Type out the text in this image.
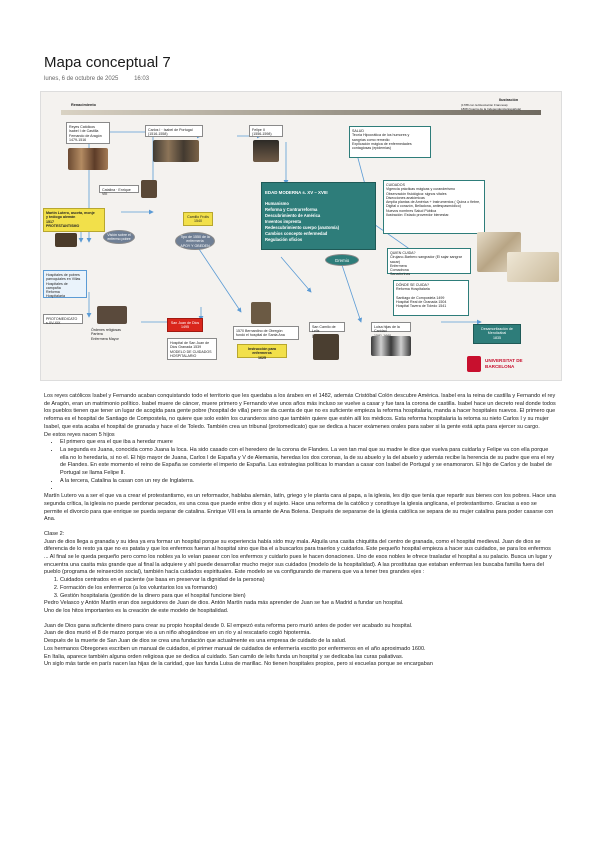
Mapa conceptual 7
lunes, 6 de octubre de 2025	16:03
Renacimiento
Ilustración
(1788 con la Revolución Francesa)
1808 (Guerra de la Independencia Española)
Reyes Católicos
Isabel I de Castilla
Fernando de Aragón
1479-1516
Carlos I · Isabel de Portugal
(1516-1558)
Felipe II
(1556-1598)
SALUD
Teoría Hipocrática de los humores y
sangrías como remedio
Explicación mágica de enfermedades
contagiosas (epidemias)
Catalina · Enrique VIII
Martín Lutero, asceta, monje
y teólogo alemán
1517
PROTESTANTISMO
Visión sobre el
enfermo pobre
Camillo Frolis
1540
Tipo de 1550 de la
enfermería
APOY Y OBEDEN

EDAD MODERNA s. XV – XVIII

Humanismo
Reforma y Contrarreforma
Descubrimiento de América
Inventos imprenta
Redescubrimiento cuerpo (anatomía)
Cambios concepto enfermedad
Regulación oficios

Gremio
CUIDADOS
Vigencia prácticas mágicas y curanderismo
Observación fisiológica: signos vitales
Disecciones anatómicas
Amplia plantas de América + Instrumentos ( Quina o fiebre,
Digital o corazón, Belladona, antiespasmódico)
Nuevos nombres Salud Pública
Ilustración: Estado proveedor bienestar.
QUIEN CUIDA?
Cirujano-Barbero sangrador (El sajar sangrar sacar)
Enfermera
Comadrona
Sanadorinas
DÓNDE SE CUIDA?
Reforma Hospitalaria

Santiago de Compostela 1499
Hospital Real de Granada 1504
Hospital Tavera de Toledo 1541
Hospitales de pobres
parroquiales en Villas
Hospitales de
campaña
Reforma
Hospitalaria
PROTOMEDICATO
s.XV-XIX
Órdenes religiosas
Partera
Enfermera Mayor
San Juan de Dios
1495
Hospital de San Juan de
Dios Granada 1539
MODELO DE CUIDADOS
HOSPITALARIO
1570 Bernardino de Obregón
fundó el hospital de Santa Ana
Instrucción para enfermeros
1625
San Camilo de Lelis

Luisa hijas de la Caridad

Desamortización de
Mendizábal
1835
UNIVERSITAT DE
BARCELONA

Los reyes católicos Isabel y Fernando acaban conquistando todo el territorio que les quedaba a los árabes en el 1482, además Cristóbal Colón descubre América. Isabel era la reina de castilla y Fernando el rey de Aragón, eran un matrimonio político. Isabel muere de cáncer, muere primero y Fernando vive unos años más incluso se vuelve a casar y fue tara la corona de castilla. Isabel hace un decreto real donde todos los pueblos tienen que tener un lugar de acogida para gente pobre (hospital de villa) pero se da cuenta de que no es suficiente empieza la reforma hospitalaria, manda a hacer hospitales nuevos. El primero que reforma es el hospital de Santiago de Compostela, no quiere que solo estén los curanderos sino que también quiere que estén allí los médicos. Esta reforma hospitalaria la retoma su nieto Carlos I y su mujer Isabel, que esta acaba el hospital de granada y hace el de Toledo. También crea un tribunal (protomedicato) que se dedica a hacer exámenes orales para saber si la gente está apta para ejercer su cargo.

De estos reyes nacen 5 hijos

• El primero que era el que iba a heredar muere
• La segunda es Juana, conocida como Juana la loca. Ha sido casado con el heredero de la corona de Flandes. La ven tan mal que su madre le dice que vuelva para cuidarla y Felipe va con ella porque ella no lo heredaría, si no el. El hijo mayor de Juana, Carlos I de España y V de Alemania, heredas los dos coronas, la de su abuelo y la del abuelo y además recibe la herencia de su padre que era el rey de Flandes. En este momento el reino de España se convierte el imperio de España. Las estrategias políticas lo mandan a casar con Isabel de Portugal y se enamoraron. El hijo de Carlos y de Isabel de Portugal se llama Felipe II.
• A la tercera, Catalina la casan con un rey de Inglaterra.
•

Martín Lutero va a ser el que va a crear el protestantismo, es un reformador, hablaba alemán, latín, griego y le planta cara al papa, a la iglesia, les dijo que tenía que repartir sus bienes con los pobres. Hace una segunda crítica, la iglesia no puede perdonar pecados, es una cosa que puede entre dios y el sujeto. Hace una reforma de la católico y constituye la iglesia anglicana, el protestantismo. Gracias a eso se permite el divorcio para que enrique se pueda separar de catalina. Enrique VIII era la amante de Ana Bolena. Después de separarse de la iglesia católica se separa de su mujer catalina para poder casarse con Ana.

Clase 2:

Juan de dios llega a granada y su idea ya era formar un hospital porque su experiencia había sido muy mala. Alquila una casita chiquitita del centro de granada, como el hospital medieval. Juan de dios se diferencia de lo resto ya que no es patata y que los enfermos fueran al hospital sino que iba el a buscarlos para traerlos y cuidarlos. Este pequeño hospital empieza a hacer sus cuidados, se para los enfermos ... Al final se le queda pequeño pero como los nobles ya lo veían pasear con los enfermos y cuidarlo pues le hacen donaciones. Uno de esos nobles le ofrece trasladar el hospital a su palacio. Busca un lugar y encuentra una casita más grande que al final la adquiere y ahí puede desarrollar mucho mejor sus cuidados (modelo de la hospitalidad). A las prostitutas que estaban enfermas les buscaba familia fuera del pueblo (programa de reinserción social), también hacía cuidados espirituales. Este modelo se va configurando de manera que va a tener tres grandes ejes :

1. Cuidados centrados en el paciente (se basa en preservar la dignidad de la persona)
2. Formación de los enfermeros (a los voluntarios los va formando)
3. Gestión hospitalaria (gestión de la dinero para que el hospital funcione bien)

Pedro Velasco y Antón Martín eran dos seguidores de Juan de dios. Antón Martín nada más aprender de Juan se fue a Madrid a fundar un hospital.

Uno de los hitos importantes es la creación de este modelo de hospitalidad.

Juan de Dios gana suficiente dinero para crear su propio hospital desde 0. El empezó esta reforma pero murió antes de poder ver acabado su hospital.

Juan de dios murió el 8 de marzo porque vio a un niño ahogándose en un río y al rescatarlo cogió hipotermia.

Después de la muerte de San Juan de dios se crea una fundación que actualmente es una empresa de cuidado de la salud.

Los hermanos Obregones escriben un manual de cuidados, el primer manual de cuidados de enfermería escrito por enfermeros en el año aproximado 1600.

En Italia, aparece también alguna orden religiosa que se dedica al cuidado. San camilo de lelis funda un hospital y se dedicaba las curas paliativas.

Un siglo más tarde en parís nacen las hijas de la caridad, que las funda Luisa de marillac. No tienen hospitales propios, pero si escuelas porque se encargaban
